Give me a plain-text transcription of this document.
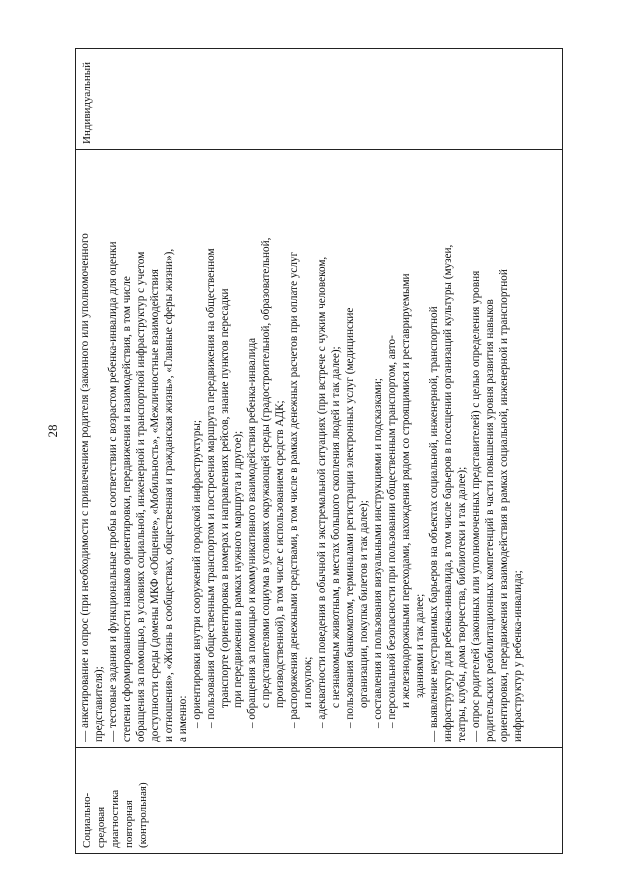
28
Социально- средовая диагностика повторная (контрольная)
— анкетирование и опрос (при необходимости с привлечением родителя (законного или уполномоченного представителя); — тестовые задания и функциональные пробы в соответствии с возрастом ребенка-инвалида для оценки степени сформированности навыков ориентировки, передвижения и взаимодействия, в том числе обращения за помощью, в условиях социальной, инженерной и транспортной инфраструктур с учетом доступности среды (домены МКФ «Общение», «Мобильность», «Межличностные взаимодействия и отношения», «Жизнь в сообществах, общественная и гражданская жизнь», «Главные сферы жизни»), а именно: – ориентировки внутри сооружений городской инфраструктуры; – пользования общественным транспортом и построения маршрута передвижения на общественном транспорте (ориентировка в номерах и направлениях рейсов, знание пунктов пересадки при передвижении в рамках нужного маршрута и другое); – обращения за помощью и коммуникативного взаимодействия ребенка-инвалида с представителями социума в условиях окружающей среды (градостроительной, образовательной, производственной), в том числе с использованием средств АДК; – распоряжения денежными средствами, в том числе в рамках денежных расчетов при оплате услуг и покупок; – адекватности поведения в обычной и экстремальной ситуациях (при встрече с чужим человеком, с незнакомым животным, в местах большого скопления людей и так далее); – пользования банкоматом, терминалами регистрации электронных услуг (медицинские организации, покупка билетов и так далее); – составления и пользования визуальными инструкциями и подсказками; – персональной безопасности при пользовании общественным транспортом, авто- и железнодорожными переходами, нахождения рядом со строящимися и реставрируемыми зданиями и так далее; — выявление неустранимых барьеров на объектах социальной, инженерной, транспортной инфраструктур для ребенка-инвалида, в том числе барьеров в посещении организаций культуры (музеи, театры, клубы, дома творчества, библиотеки и так далее); — опрос родителей (законных или уполномоченных представителей) с целью определения уровня родительских реабилитационных компетенций в части повышения уровня развития навыков ориентировки, передвижения и взаимодействия в рамках социальной, инженерной и транспортной инфраструктур у ребенка-инвалида;
Индивидуальный
